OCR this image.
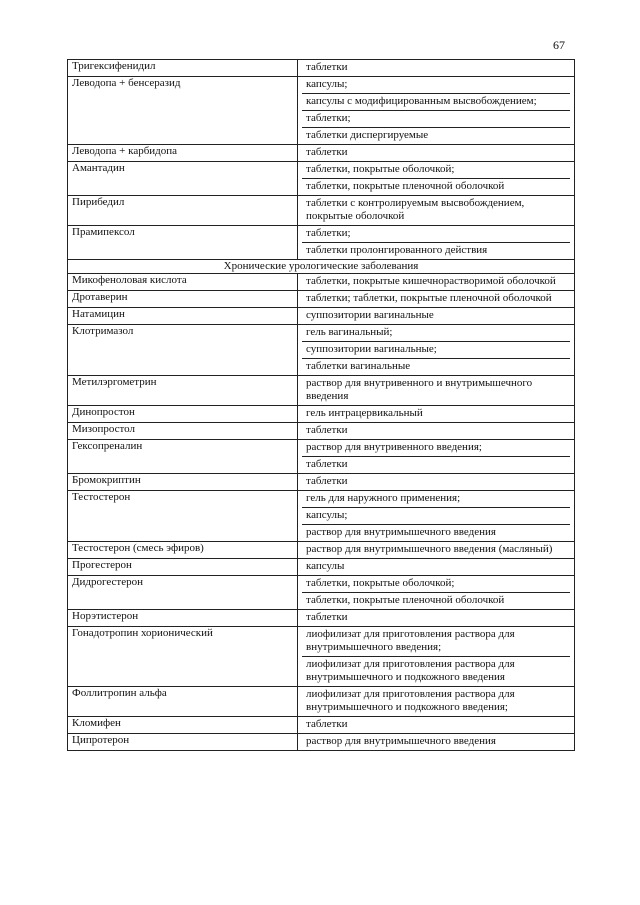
67
Тригексифенидил	таблетки

Леводопа + бенсеразид	капсулы;
капсулы с модифицированным высвобождением;
таблетки;
таблетки диспергируемые

Леводопа + карбидопа	таблетки

Амантадин	таблетки, покрытые оболочкой;
таблетки, покрытые пленочной оболочкой

Пирибедил	таблетки с контролируемым высвобождением, покрытые оболочкой

Прамипексол	таблетки;
таблетки пролонгированного действия

Хронические урологические заболевания	
Микофеноловая кислота	таблетки, покрытые кишечнорастворимой оболочкой

Дротаверин	таблетки; таблетки, покрытые пленочной оболочкой

Натамицин	суппозитории вагинальные

Клотримазол	гель вагинальный;
суппозитории вагинальные;
таблетки вагинальные

Метилэргометрин	раствор для внутривенного и внутримышечного введения

Динопростон	гель интрацервикальный

Мизопростол	таблетки

Гексопреналин	раствор для внутривенного введения;
таблетки

Бромокриптин	таблетки

Тестостерон	гель для наружного применения;
капсулы;
раствор для внутримышечного введения

Тестостерон (смесь эфиров)	раствор для внутримышечного введения (масляный)

Прогестерон	капсулы

Дидрогестерон	таблетки, покрытые оболочкой;
таблетки, покрытые пленочной оболочкой

Норэтистерон	таблетки

Гонадотропин хорионический	лиофилизат для приготовления раствора для внутримышечного введения;
лиофилизат для приготовления раствора для внутримышечного и подкожного введения

Фоллитропин альфа	лиофилизат для приготовления раствора для внутримышечного и подкожного введения;

Кломифен	таблетки

Ципротерон	раствор для внутримышечного введения
